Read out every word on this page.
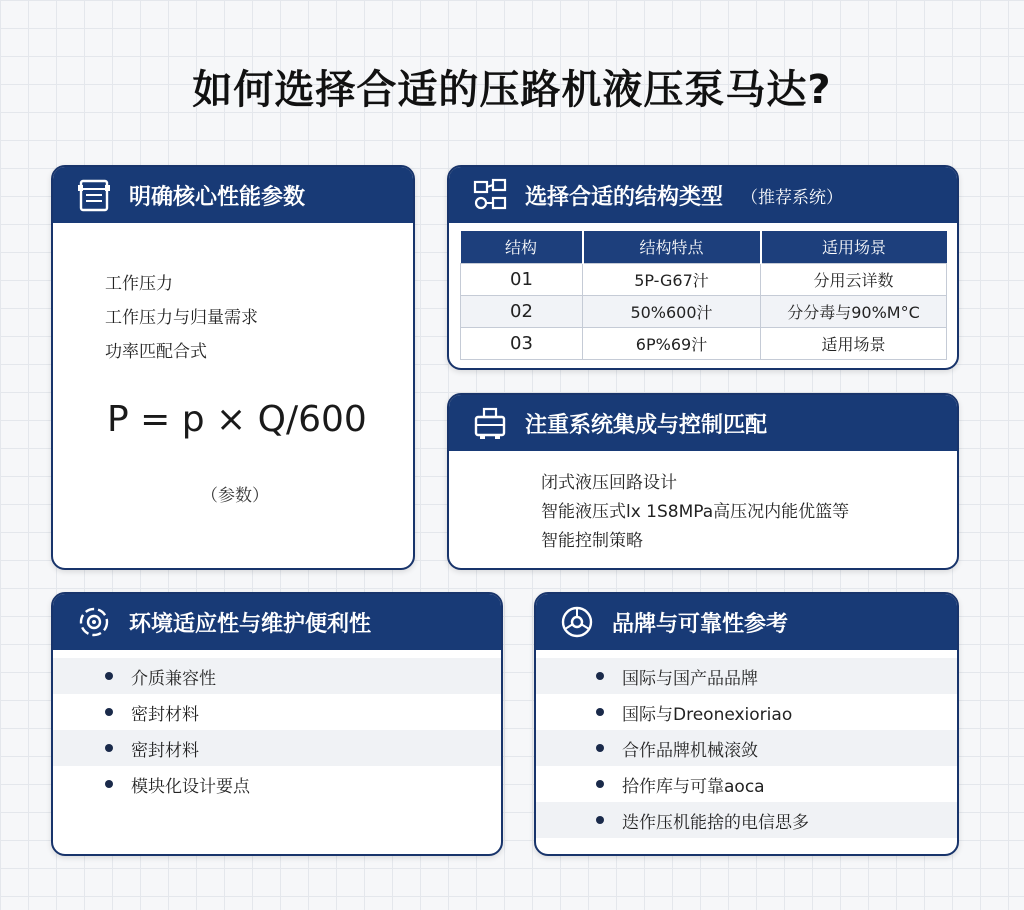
如何选择合适的压路机液压泵马达?
明确核心性能参数
工作压力
工作压力与归量需求
功率匹配合式
P = p × Q/600
（参数）
选择合适的结构类型 （推荐系统）
结构	结构特点	适用场景
01	5P-G67汁	分用云详数
02	50%600汁	分分毒与90%M°C
03	6P%69汁	适用场景
注重系统集成与控制匹配
闭式液压回路设计
智能液压式lx 1S8MPa高压况内能优篮等
智能控制策略
环境适应性与维护便利性
介质兼容性
密封材料
密封材料
模块化设计要点
品牌与可靠性参考
国际与国产品品牌
国际与Dreonexioriao
合作品牌机械滚敛
拾作库与可靠aoca
迭作压机能捨的电信思多
